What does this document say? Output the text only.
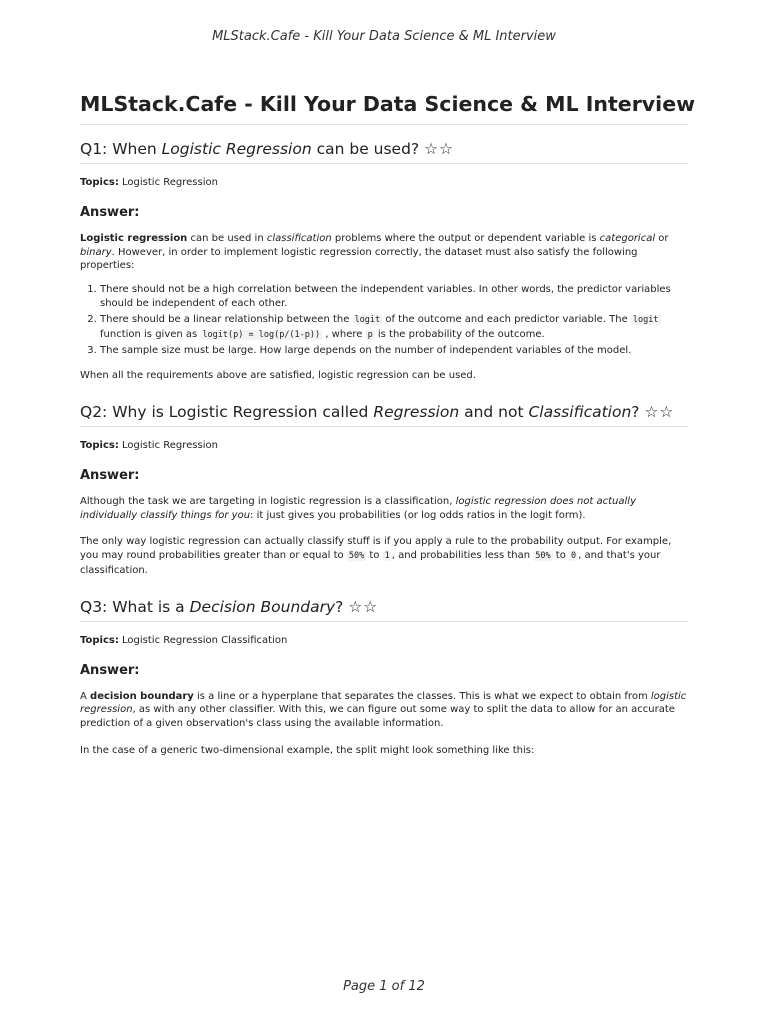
MLStack.Cafe - Kill Your Data Science & ML Interview
MLStack.Cafe - Kill Your Data Science & ML Interview
Q1: When Logistic Regression can be used? ☆☆

Topics: Logistic Regression

Answer:

Logistic regression can be used in classification problems where the output or dependent variable is categorical or binary. However, in order to implement logistic regression correctly, the dataset must also satisfy the following properties:

1. There should not be a high correlation between the independent variables. In other words, the predictor variables should be independent of each other.
2. There should be a linear relationship between the logit of the outcome and each predictor variable. The logit function is given as logit(p) = log(p/(1-p)) , where p is the probability of the outcome.
3. The sample size must be large. How large depends on the number of independent variables of the model.

When all the requirements above are satisfied, logistic regression can be used.

Q2: Why is Logistic Regression called Regression and not Classification? ☆☆

Topics: Logistic Regression

Answer:

Although the task we are targeting in logistic regression is a classification, logistic regression does not actually individually classify things for you: it just gives you probabilities (or log odds ratios in the logit form).

The only way logistic regression can actually classify stuff is if you apply a rule to the probability output. For example, you may round probabilities greater than or equal to 50% to 1 , and probabilities less than 50% to 0 , and that's your classification.

Q3: What is a Decision Boundary? ☆☆

Topics: Logistic Regression Classification

Answer:

A decision boundary is a line or a hyperplane that separates the classes. This is what we expect to obtain from logistic regression, as with any other classifier. With this, we can figure out some way to split the data to allow for an accurate prediction of a given observation's class using the available information.

In the case of a generic two-dimensional example, the split might look something like this:

Page 1 of 12
